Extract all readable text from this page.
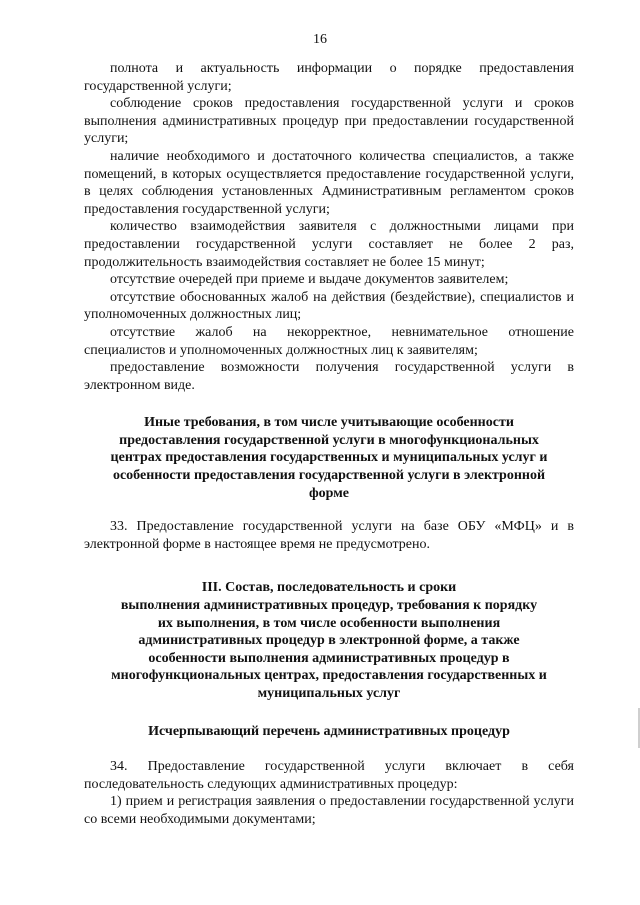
16

полнота и актуальность информации о порядке предоставления государственной услуги;

соблюдение сроков предоставления государственной услуги и сроков выполнения административных процедур при предоставлении государственной услуги;

наличие необходимого и достаточного количества специалистов, а также помещений, в которых осуществляется предоставление государственной услуги, в целях соблюдения установленных Административным регламентом сроков предоставления государственной услуги;

количество взаимодействия заявителя с должностными лицами при предоставлении государственной услуги составляет не более 2 раз, продолжительность взаимодействия составляет не более 15 минут;

отсутствие очередей при приеме и выдаче документов заявителем;

отсутствие обоснованных жалоб на действия (бездействие), специалистов и уполномоченных должностных лиц;

отсутствие жалоб на некорректное, невнимательное отношение специалистов и уполномоченных должностных лиц к заявителям;

предоставление возможности получения государственной услуги в электронном виде.

Иные требования, в том числе учитывающие особенности
предоставления государственной услуги в многофункциональных
центрах предоставления государственных и муниципальных услуг и
особенности предоставления государственной услуги в электронной
форме

33. Предоставление государственной услуги на базе ОБУ «МФЦ» и в электронной форме в настоящее время не предусмотрено.

III. Состав, последовательность и сроки
выполнения административных процедур, требования к порядку
их выполнения, в том числе особенности выполнения
административных процедур в электронной форме, а также
особенности выполнения административных процедур в
многофункциональных центрах, предоставления государственных и
муниципальных услуг
Исчерпывающий перечень административных процедур

34. Предоставление государственной услуги включает в себя последовательность следующих административных процедур:

1) прием и регистрация заявления о предоставлении государственной услуги со всеми необходимыми документами;
